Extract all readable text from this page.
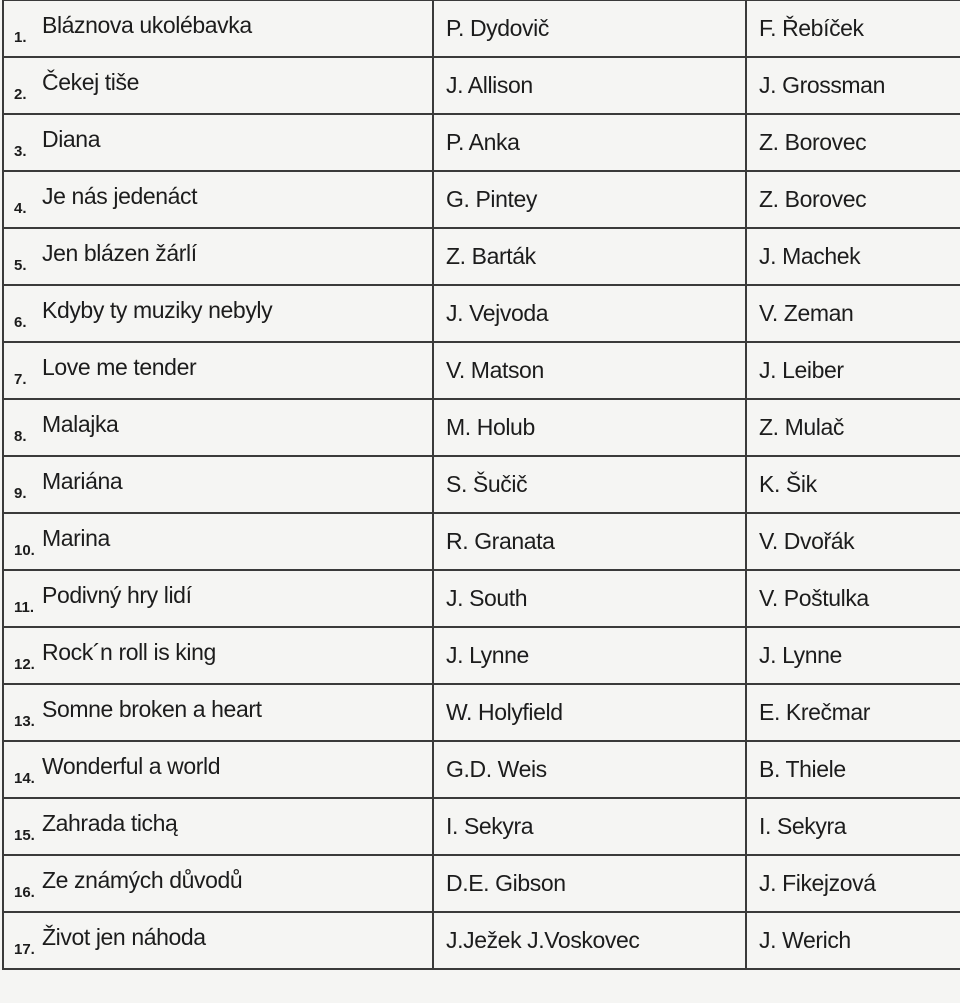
1. Bláznova ukolébavka	P. Dydovič	F. Řebíček
2. Čekej tiše	J. Allison	J. Grossman
3. Diana	P. Anka	Z. Borovec
4. Je nás jedenáct	G. Pintey	Z. Borovec
5. Jen blázen žárlí	Z. Barták	J. Machek
6. Kdyby ty muziky nebyly	J. Vejvoda	V. Zeman
7. Love me tender	V. Matson	J. Leiber
8. Malajka	M. Holub	Z. Mulač
9. Mariána	S. Šučič	K. Šik
10. Marina	R. Granata	V. Dvořák
11. Podivný hry lidí	J. South	V. Poštulka
12. Rock´n roll is king	J. Lynne	J. Lynne
13. Somne broken a heart	W. Holyfield	E. Krečmar
14. Wonderful a world	G.D. Weis	B. Thiele
15. Zahrada tichą	I. Sekyra	I. Sekyra
16. Ze známých důvodů	D.E. Gibson	J. Fikejzová
17. Život jen náhoda	J.Ježek J.Voskovec	J. Werich
